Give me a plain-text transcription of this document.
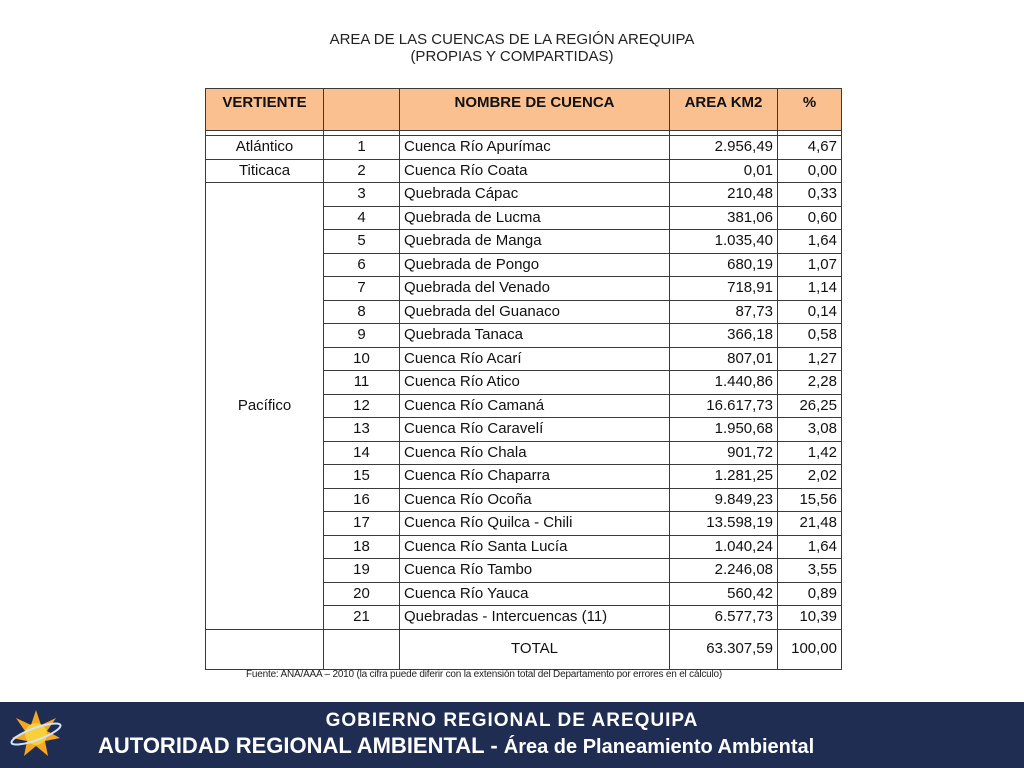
AREA DE LAS CUENCAS DE LA REGIÓN AREQUIPA
(PROPIAS Y COMPARTIDAS)
VERTIENTE		NOMBRE DE CUENCA	AREA KM2	%

Atlántico	1	Cuenca Río Apurímac	2.956,49	4,67
Titicaca	2	Cuenca Río Coata	0,01	0,00
Pacífico	3	Quebrada Cápac	210,48	0,33
	4	Quebrada de Lucma	381,06	0,60
	5	Quebrada de Manga	1.035,40	1,64
	6	Quebrada de Pongo	680,19	1,07
	7	Quebrada del Venado	718,91	1,14
	8	Quebrada del Guanaco	87,73	0,14
	9	Quebrada Tanaca	366,18	0,58
	10	Cuenca Río Acarí	807,01	1,27
	11	Cuenca Río Atico	1.440,86	2,28
	12	Cuenca Río Camaná	16.617,73	26,25
	13	Cuenca Río Caravelí	1.950,68	3,08
	14	Cuenca Río Chala	901,72	1,42
	15	Cuenca Río Chaparra	1.281,25	2,02
	16	Cuenca Río Ocoña	9.849,23	15,56
	17	Cuenca Río Quilca - Chili	13.598,19	21,48
	18	Cuenca Río Santa Lucía	1.040,24	1,64
	19	Cuenca Río Tambo	2.246,08	3,55
	20	Cuenca Río Yauca	560,42	0,89
	21	Quebradas - Intercuencas (11)	6.577,73	10,39
		TOTAL	63.307,59	100,00
Fuente: ANA/AAA – 2010 (la cifra puede diferir con la extensión total del Departamento por errores en el cálculo)
GOBIERNO REGIONAL DE AREQUIPA
AUTORIDAD REGIONAL AMBIENTAL - Área de Planeamiento Ambiental
